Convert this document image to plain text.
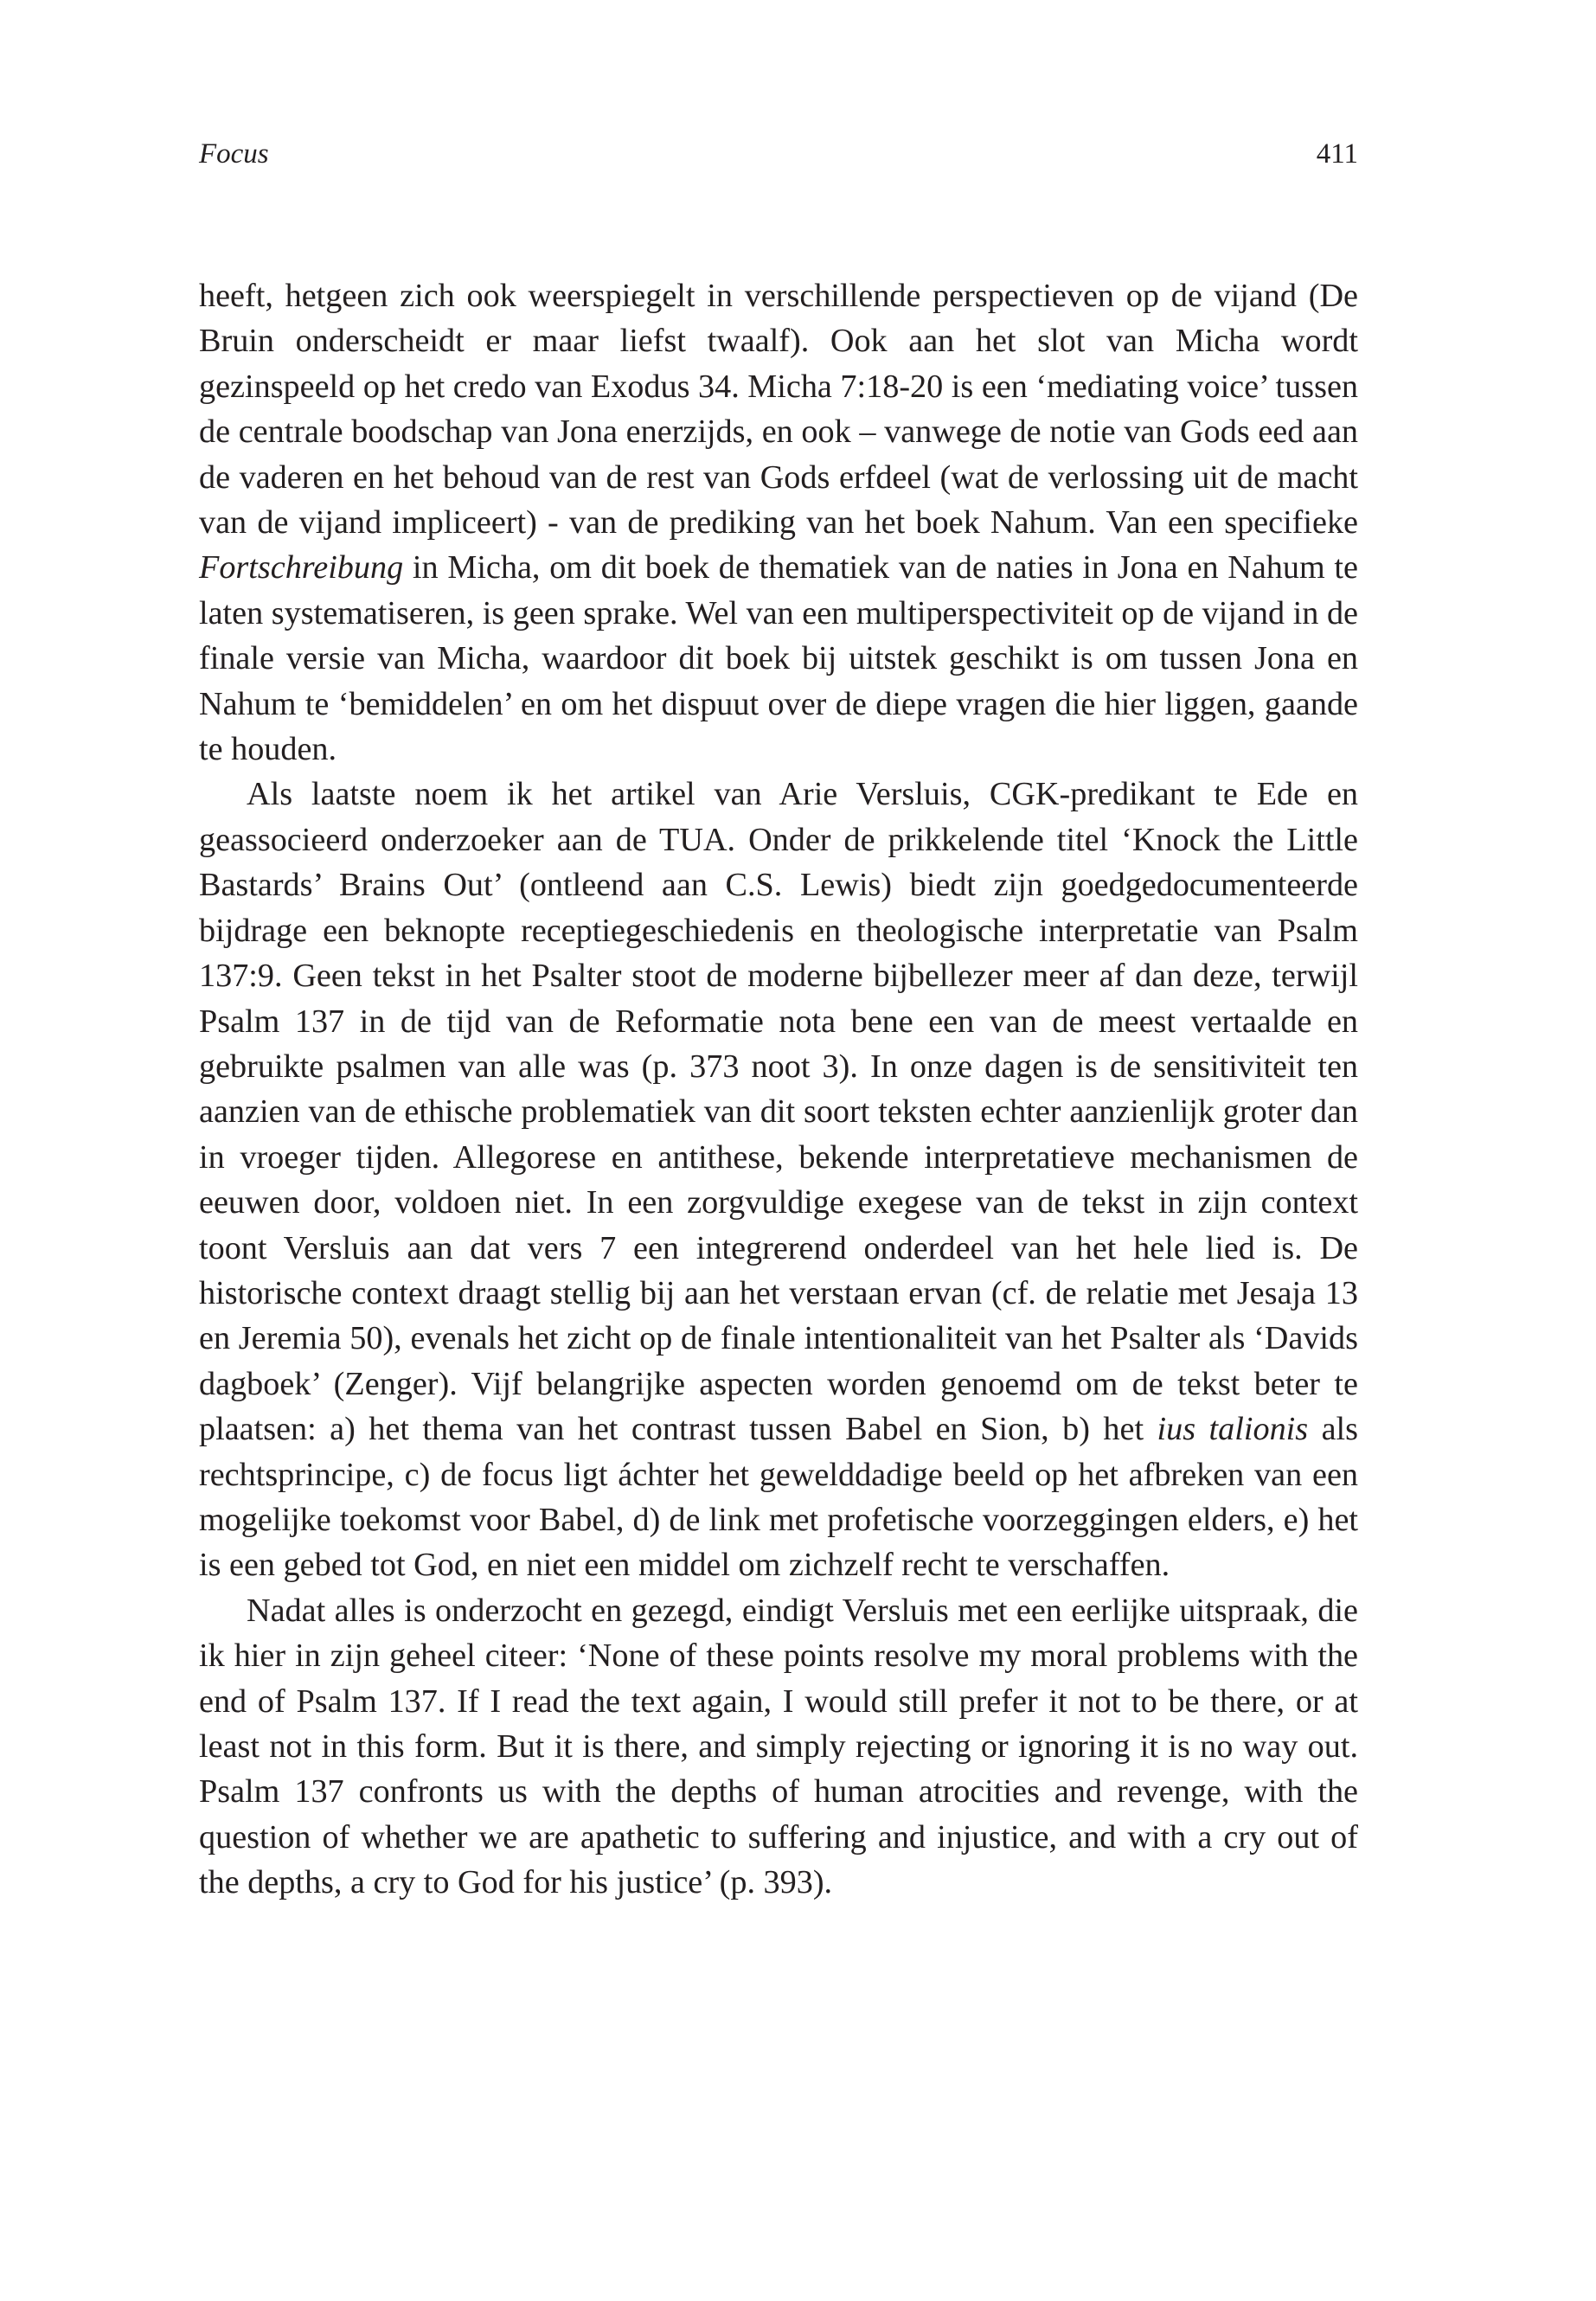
Focus	411

heeft, hetgeen zich ook weerspiegelt in verschillende perspectieven op de vijand (De Bruin onderscheidt er maar liefst twaalf). Ook aan het slot van Micha wordt gezinspeeld op het credo van Exodus 34. Micha 7:18-20 is een ‘mediating voice’ tussen de centrale boodschap van Jona enerzijds, en ook – vanwege de notie van Gods eed aan de vaderen en het behoud van de rest van Gods erfdeel (wat de verlossing uit de macht van de vijand impliceert) - van de prediking van het boek Nahum. Van een specifieke Fortschreibung in Micha, om dit boek de thematiek van de naties in Jona en Nahum te laten systematiseren, is geen sprake. Wel van een multiperspectiviteit op de vijand in de finale versie van Micha, waardoor dit boek bij uitstek geschikt is om tussen Jona en Nahum te ‘bemiddelen’ en om het dispuut over de diepe vragen die hier liggen, gaande te houden.

Als laatste noem ik het artikel van Arie Versluis, CGK-predikant te Ede en geassocieerd onderzoeker aan de TUA. Onder de prikkelende titel ‘Knock the Little Bastards’ Brains Out’ (ontleend aan C.S. Lewis) biedt zijn goedgedocumenteerde bijdrage een beknopte receptiegeschiedenis en theologische interpretatie van Psalm 137:9. Geen tekst in het Psalter stoot de moderne bijbellezer meer af dan deze, terwijl Psalm 137 in de tijd van de Reformatie nota bene een van de meest vertaalde en gebruikte psalmen van alle was (p. 373 noot 3). In onze dagen is de sensitiviteit ten aanzien van de ethische problematiek van dit soort teksten echter aanzienlijk groter dan in vroeger tijden. Allegorese en antithese, bekende interpretatieve mechanismen de eeuwen door, voldoen niet. In een zorgvuldige exegese van de tekst in zijn context toont Versluis aan dat vers 7 een integrerend onderdeel van het hele lied is. De historische context draagt stellig bij aan het verstaan ervan (cf. de relatie met Jesaja 13 en Jeremia 50), evenals het zicht op de finale intentionaliteit van het Psalter als ‘Davids dagboek’ (Zenger). Vijf belangrijke aspecten worden genoemd om de tekst beter te plaatsen: a) het thema van het contrast tussen Babel en Sion, b) het ius talionis als rechtsprincipe, c) de focus ligt áchter het gewelddadige beeld op het afbreken van een mogelijke toekomst voor Babel, d) de link met profetische voorzeggingen elders, e) het is een gebed tot God, en niet een middel om zichzelf recht te verschaffen.

Nadat alles is onderzocht en gezegd, eindigt Versluis met een eerlijke uitspraak, die ik hier in zijn geheel citeer: ‘None of these points resolve my moral problems with the end of Psalm 137. If I read the text again, I would still prefer it not to be there, or at least not in this form. But it is there, and simply rejecting or ignoring it is no way out. Psalm 137 confronts us with the depths of human atrocities and revenge, with the question of whether we are apathetic to suffering and injustice, and with a cry out of the depths, a cry to God for his justice’ (p. 393).
